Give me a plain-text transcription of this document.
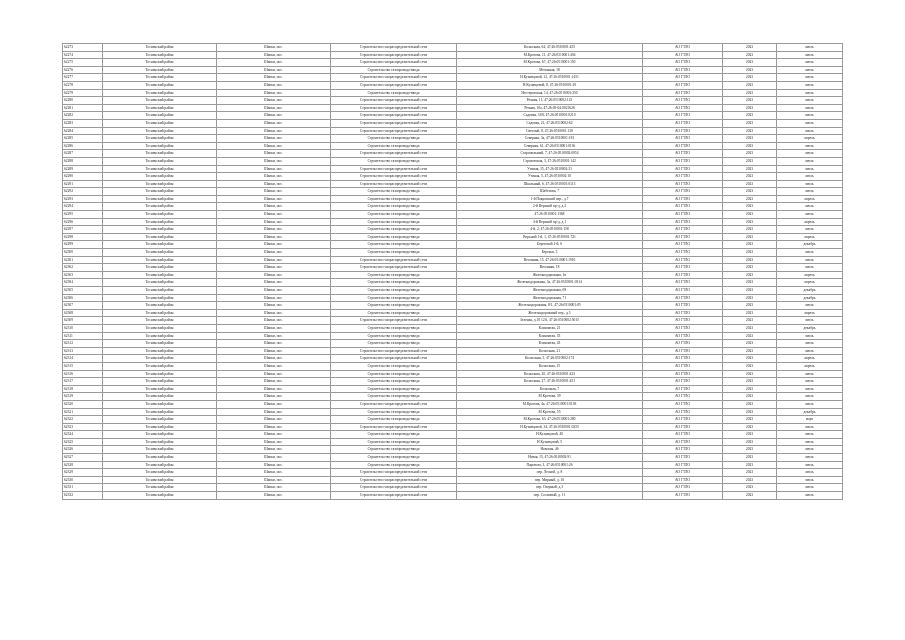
62273	Тосненский район	Шапки, пос.	Строительство газораспределительной сети	Колхозная, 64, 47:26:0510001:455	АО ГТЛО	2023	июль
62274	Тосненский район	Шапки, пос.	Строительство газораспределительной сети	М.Кротова, 11, 47:26:0510001:436	АО ГТЛО	2023	июль
62275	Тосненский район	Шапки, пос.	Строительство газораспределительной сети	М.Кротова, 67, 47:26:0510001:150	АО ГТЛО	2023	июль
62276	Тосненский район	Шапки, пос.	Строительство газопровода-ввода	Мезонная, 18	АО ГТЛО	2023	июль
62277	Тосненский район	Шапки, пос.	Строительство газораспределительной сети	Н.Кузнецовой, 12, 47:26:0510001:1451	АО ГТЛО	2023	июль
62278	Тосненский район	Шапки, пос.	Строительство газораспределительной сети	Н.Кузнецовой, 8, 47:26:0510001:29	АО ГТЛО	2023	июль
62279	Тосненский район	Шапки, пос.	Строительство газопровода-ввода	Нестеровская, 14, 47:26:0510001:250	АО ГТЛО	2023	июль
62280	Тосненский район	Шапки, пос.	Строительство газораспределительной сети	Речная, 11, 47:26:0510002:123	АО ГТЛО	2023	июль
62281	Тосненский район	Шапки, пос.	Строительство газораспределительной сети	Речная, 10а, 47:26:05-04:0021626	АО ГТЛО	2023	июль
62282	Тосненский район	Шапки, пос.	Строительство газораспределительной сети	Садовая, 31В, 47:26:0510001:0210	АО ГТЛО	2023	июль
62283	Тосненский район	Шапки, пос.	Строительство газораспределительной сети	Садовая, 21, 47:26:0510002:62	АО ГТЛО	2023	июль
62284	Тосненский район	Шапки, пос.	Строительство газораспределительной сети	Светлый, 8, 47:26:0510001:130	АО ГТЛО	2023	июль
62285	Тосненский район	Шапки, пос.	Строительство газопровода-ввода	Северная, 3а, 47:26:0510001:181	АО ГТЛО	2023	апрель
62286	Тосненский район	Шапки, пос.	Строительство газопровода-ввода	Северная, 61, 47:26:0510001:0136	АО ГТЛО	2023	июль
62287	Тосненский район	Шапки, пос.	Строительство газораспределительной сети	Старопильный, 7, 47:26:0510002:0054	АО ГТЛО	2023	июль
62288	Тосненский район	Шапки, пос.	Строительство газопровода-ввода	Страховская, 3, 47:26:0510001:142	АО ГТЛО	2023	июль
62289	Тосненский район	Шапки, пос.	Строительство газораспределительной сети	Утиная, 15, 47:26:0510002:31	АО ГТЛО	2023	июль
62290	Тосненский район	Шапки, пос.	Строительство газораспределительной сети	Утиная, 5, 47:26:0510002:10	АО ГТЛО	2023	июль
62291	Тосненский район	Шапки, пос.	Строительство газораспределительной сети	Школьный, 6, 47:26:0510001:0113	АО ГТЛО	2023	июль
62292	Тосненский район	Шапки, пос.	Строительство газопровода-ввода	Шабелова, 7	АО ГТЛО	2023	июль
62293	Тосненский район	Шапки, пос.	Строительство газопровода-ввода	1-й Покровский пер., д.7	АО ГТЛО	2023	апрель
62294	Тосненский район	Шапки, пос.	Строительство газопровода-ввода	2-й Верхний пр-д, д.2	АО ГТЛО	2023	июль
62295	Тосненский район	Шапки, пос.	Строительство газопровода-ввода	47:26:0510001:1368	АО ГТЛО	2023	июль
62296	Тосненский район	Шапки, пос.	Строительство газопровода-ввода	4-й Верхний пр-д, д.1	АО ГТЛО	2023	апрель
62297	Тосненский район	Шапки, пос.	Строительство газопровода-ввода	4-й, 2, 47:26:0510001:158	АО ГТЛО	2023	июль
62298	Тосненский район	Шапки, пос.	Строительство газопровода-ввода	Верхний 1-й, 1, 47:26:0510001:721	АО ГТЛО	2023	апрель
62299	Тосненский район	Шапки, пос.	Строительство газопровода-ввода	Береговой 2-й, 6	АО ГТЛО	2023	декабрь
62300	Тосненский район	Шапки, пос.	Строительство газопровода-ввода	Березки, 3	АО ГТЛО	2023	июль
62301	Тосненский район	Шапки, пос.	Строительство газораспределительной сети	Весенняя, 15, 47:26:0510001:1916	АО ГТЛО	2023	июль
62302	Тосненский район	Шапки, пос.	Строительство газораспределительной сети	Весенняя, 18	АО ГТЛО	2023	июль
62303	Тосненский район	Шапки, пос.	Строительство газопровода-ввода	Железнодорожная, 1в	АО ГТЛО	2023	апрель
62304	Тосненский район	Шапки, пос.	Строительство газопровода-ввода	Железнодорожная, 3а, 47:26:0510001:0314	АО ГТЛО	2023	апрель
62305	Тосненский район	Шапки, пос.	Строительство газопровода-ввода	Железнодорожная, 69	АО ГТЛО	2023	декабрь
62306	Тосненский район	Шапки, пос.	Строительство газопровода-ввода	Железнодорожная, 71	АО ГТЛО	2023	декабрь
62307	Тосненский район	Шапки, пос.	Строительство газопровода-ввода	Железнодорожная, 8/1, 47:26:0510001:85	АО ГТЛО	2023	июль
62308	Тосненский район	Шапки, пос.	Строительство газопровода-ввода	Железнодорожный пер., д.5	АО ГТЛО	2023	апрель
62309	Тосненский район	Шапки, пос.	Строительство газораспределительной сети	Зеленая, д.10 12А, 47:26:0510002:5015	АО ГТЛО	2023	июль
62310	Тосненский район	Шапки, пос.	Строительство газопровода-ввода	Клинчатая, 21	АО ГТЛО	2023	декабрь
62311	Тосненский район	Шапки, пос.	Строительство газопровода-ввода	Клинчатая, 35	АО ГТЛО	2023	июль
62312	Тосненский район	Шапки, пос.	Строительство газопровода-ввода	Клинчатая, 43	АО ГТЛО	2023	июль
62313	Тосненский район	Шапки, пос.	Строительство газораспределительной сети	Колхозная, 21	АО ГТЛО	2023	июль
62314	Тосненский район	Шапки, пос.	Строительство газораспределительной сети	Колхозная, 5, 47:26:0510002:174	АО ГТЛО	2023	апрель
62315	Тосненский район	Шапки, пос.	Строительство газопровода-ввода	Колхозная, 15	АО ГТЛО	2023	апрель
62316	Тосненский район	Шапки, пос.	Строительство газопровода-ввода	Колхозная, 20, 47:26:0510001:423	АО ГТЛО	2023	июль
62317	Тосненский район	Шапки, пос.	Строительство газопровода-ввода	Колхозная, 27, 47:26:0510001:451	АО ГТЛО	2023	июль
62318	Тосненский район	Шапки, пос.	Строительство газопровода-ввода	Колхозная, 7	АО ГТЛО	2023	июль
62319	Тосненский район	Шапки, пос.	Строительство газопровода-ввода	М.Кротова, 39	АО ГТЛО	2023	июль
62320	Тосненский район	Шапки, пос.	Строительство газораспределительной сети	М.Кротова, 4а, 47:26:0510001:0138	АО ГТЛО	2023	июль
62321	Тосненский район	Шапки, пос.	Строительство газопровода-ввода	М.Кротова, 55	АО ГТЛО	2023	декабрь
62322	Тосненский район	Шапки, пос.	Строительство газопровода-ввода	М.Кротова, 63, 47:26:0510001:280	АО ГТЛО	2023	март
62323	Тосненский район	Шапки, пос.	Строительство газораспределительной сети	Н.Кузнецовой, 34, 47:26:0510001:0255	АО ГТЛО	2023	июль
62324	Тосненский район	Шапки, пос.	Строительство газопровода-ввода	Н.Кузнецовой, 40	АО ГТЛО	2023	июль
62325	Тосненский район	Шапки, пос.	Строительство газопровода-ввода	Н.Кузнецовой, 5	АО ГТЛО	2023	июль
62326	Тосненский район	Шапки, пос.	Строительство газопровода-ввода	Новская, 46	АО ГТЛО	2023	июль
62327	Тосненский район	Шапки, пос.	Строительство газопровода-ввода	Новая, 15, 47:26:0510002:91	АО ГТЛО	2023	июль
62328	Тосненский район	Шапки, пос.	Строительство газопровода-ввода	Паровоза, 3, 47:26:0510001:26	АО ГТЛО	2023	июль
62329	Тосненский район	Шапки, пос.	Строительство газораспределительной сети	пер. Лесной, д. 8	АО ГТЛО	2023	июль
62330	Тосненский район	Шапки, пос.	Строительство газораспределительной сети	пер. Мирный, д. 10	АО ГТЛО	2023	июль
62331	Тосненский район	Шапки, пос.	Строительство газораспределительной сети	пер. Озерный, д.3	АО ГТЛО	2023	июль
62332	Тосненский район	Шапки, пос.	Строительство газораспределительной сети	пер. Сосновый, д. 11	АО ГТЛО	2023	июль
